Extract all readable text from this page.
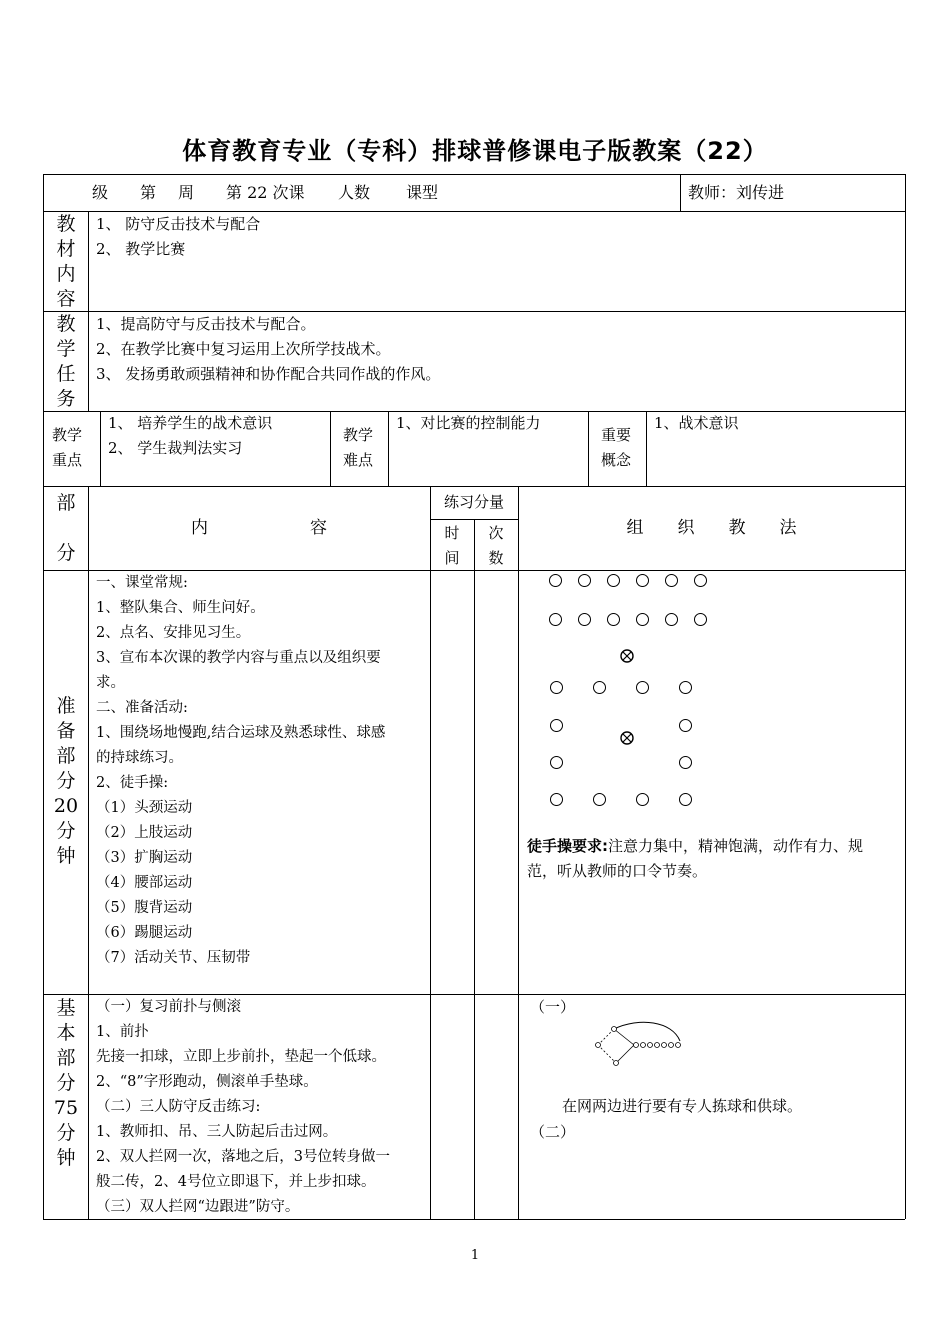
体育教育专业（专科）排球普修课电子版教案（22）
级 第 周 第 22 次课 人数 课型	教师：刘传进
教
材
内
容
1、 防守反击技术与配合
2、 教学比赛
教
学
任
务
1、提高防守与反击技术与配合。
2、在教学比赛中复习运用上次所学技战术。
3、 发扬勇敢顽强精神和协作配合共同作战的作风。
教学
重点
1、 培养学生的战术意识
2、 学生裁判法实习
教学
难点
1、对比赛的控制能力
重要
概念
1、战术意识
部

分
内　　　　　　容
练习分量
时
间
次
数
组　　织　　教　　法
准
备
部
分
20
分
钟
一、课堂常规:
1、整队集合、师生问好。
2、点名、安排见习生。
3、宣布本次课的教学内容与重点以及组织要
求。
二、准备活动:
1、围绕场地慢跑,结合运球及熟悉球性、球感
的持球练习。
2、徒手操:
（1）头颈运动
（2）上肢运动
（3）扩胸运动
（4）腰部运动
（5）腹背运动
（6）踢腿运动
（7）活动关节、压韧带
徒手操要求:注意力集中，精神饱满，动作有力、规
范，听从教师的口令节奏。
基
本
部
分
75
分
钟
（一）复习前扑与侧滚
1、前扑
先接一扣球，立即上步前扑，垫起一个低球。
2、“8”字形跑动，侧滚单手垫球。
（二）三人防守反击练习:
1、教师扣、吊、三人防起后击过网。
2、双人拦网一次，落地之后，3号位转身做一
般二传，2、4号位立即退下，并上步扣球。
（三）双人拦网“边跟进”防守。
（一）
在网两边进行要有专人拣球和供球。
（二）
1
